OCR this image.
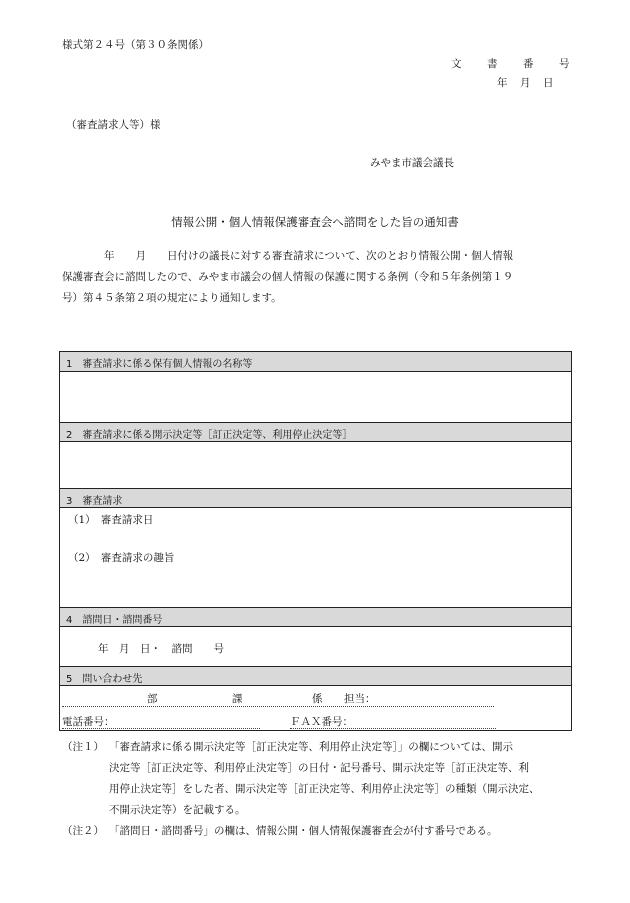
様式第２４号（第３０条関係）
文 書 番 号
年 月 日
（審査請求人等）様
みやま市議会議長
情報公開・個人情報保護審査会へ諮問をした旨の通知書

　　　　年　　月　　日付けの議長に対する審査請求について、次のとおり情報公開・個人情報

保護審査会に諮問したので、みやま市議会の個人情報の保護に関する条例（令和５年条例第１９

号）第４５条第２項の規定により通知します。

1　審査請求に係る保有個人情報の名称等
2　審査請求に係る開示決定等［訂正決定等、利用停止決定等］
3　審査請求
（1）　審査請求日
（2）　審査請求の趣旨
4　諮問日・諮問番号
年　月　日・　諮問　　号
5　問い合わせ先
部	課	係 担当：
電話番号：	ＦＡＸ番号：
（注１） 「審査請求に係る開示決定等［訂正決定等、利用停止決定等］」の欄については、開示
決定等［訂正決定等、利用停止決定等］の日付・記号番号、開示決定等［訂正決定等、利
用停止決定等］をした者、開示決定等［訂正決定等、利用停止決定等］の種類（開示決定、
不開示決定等）を記載する。
（注２） 「諮問日・諮問番号」の欄は、情報公開・個人情報保護審査会が付す番号である。
